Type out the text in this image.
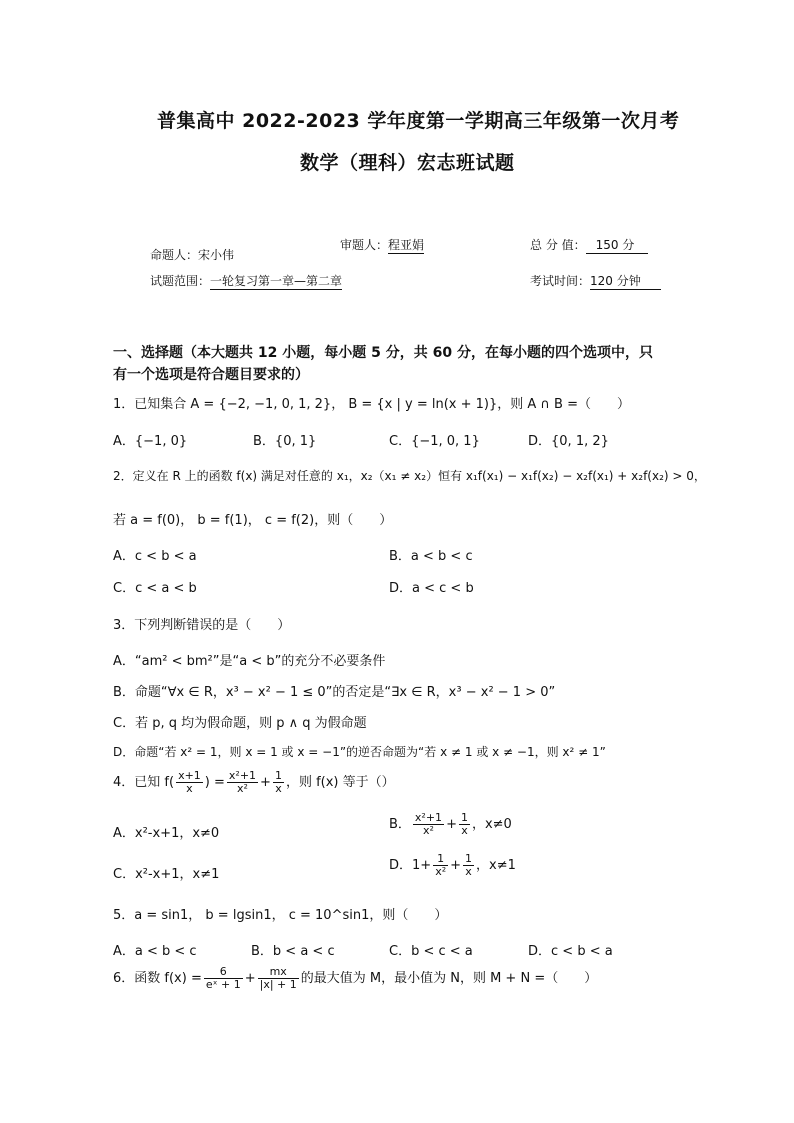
普集高中 2022-2023 学年度第一学期高三年级第一次月考
数学（理科）宏志班试题
命题人：宋小伟
审题人：程亚娟	总 分 值： 150 分
试题范围：一轮复习第一章—第二章	考试时间：120 分钟
一、选择题（本大题共 12 小题，每小题 5 分，共 60 分，在每小题的四个选项中，只
有一个选项是符合题目要求的）
1．已知集合 A = {−2, −1, 0, 1, 2}， B = {x | y = ln(x + 1)}，则 A ∩ B =（　　）
A．{−1, 0}	B．{0, 1}	C．{−1, 0, 1}	D．{0, 1, 2}
2．定义在 R 上的函数 f(x) 满足对任意的 x₁，x₂（x₁ ≠ x₂）恒有 x₁f(x₁) − x₁f(x₂) − x₂f(x₁) + x₂f(x₂) > 0，
若 a = f(0)， b = f(1)， c = f(2)，则（　　）
A．c < b < a	B．a < b < c
C．c < a < b	D．a < c < b
3．下列判断错误的是（　　）
A．“am² < bm²”是“a < b”的充分不必要条件
B．命题“∀x ∈ R，x³ − x² − 1 ≤ 0”的否定是“∃x ∈ R，x³ − x² − 1 > 0”
C．若 p, q 均为假命题，则 p ∧ q 为假命题
D．命题“若 x² = 1，则 x = 1 或 x = −1”的逆否命题为“若 x ≠ 1 或 x ≠ −1，则 x² ≠ 1”
4．已知 $f( \frac{x+1}{x}$ ) = $\frac{\text{x²+1}}{\text{x²}} + \frac{1}{x}$ ，则 f(x) 等于（）
A．x²-x+1，x≠0
B． $\frac{\text{x²+1}}{\text{x²}} + \frac{1}{x}$ ，x≠0
C．x²-x+1，x≠1
D．$1+ \frac{1}{\text{x²}} + \frac{1}{x}$ ，x≠1
5．a = sin1， b = lgsin1， c = 10^sin1，则（　　）
A．a < b < c	B．b < a < c	C．b < c < a	D．c < b < a
6．函数 $f(x) = \frac{6}{\text{eˣ + 1}} + \frac{mx}{|x| + 1}$ 的最大值为 M，最小值为 N，则 M + N =（　　）
